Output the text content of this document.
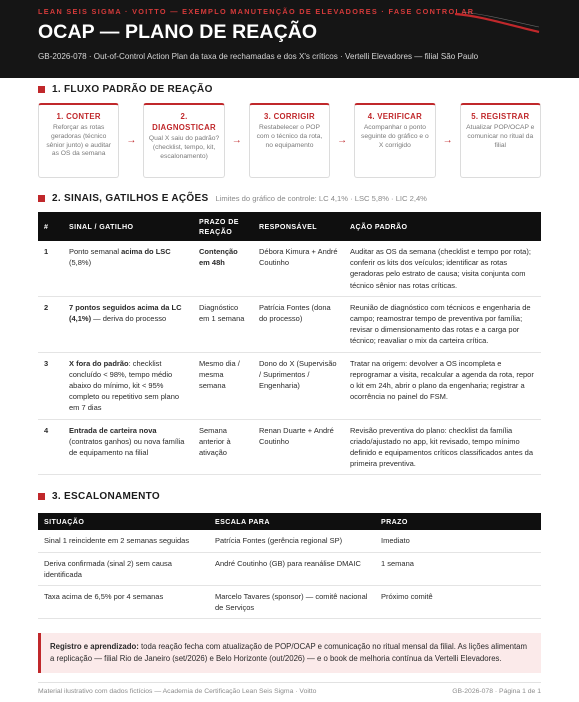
LEAN SEIS SIGMA · VOITTO — EXEMPLO MANUTENÇÃO DE ELEVADORES · FASE CONTROLAR
OCAP — PLANO DE REAÇÃO
GB-2026-078 · Out-of-Control Action Plan da taxa de rechamadas e dos X's críticos · Vertelli Elevadores — filial São Paulo
1. FLUXO PADRÃO DE REAÇÃO
1. CONTER
Reforçar as rotas geradoras (técnico sênior junto) e auditar as OS da semana
→
2. DIAGNOSTICAR
Qual X saiu do padrão? (checklist, tempo, kit, escalonamento)
→
3. CORRIGIR
Restabelecer o POP com o técnico da rota, no equipamento	→
4. VERIFICAR
Acompanhar o ponto seguinte do gráfico e o X corrigido	→
5. REGISTRAR
Atualizar POP/OCAP e comunicar no ritual da filial
2. SINAIS, GATILHOS E AÇÕES Limites do gráfico de controle: LC 4,1% · LSC 5,8% · LIC 2,4%
#	SINAL / GATILHO	PRAZO DE REAÇÃO	RESPONSÁVEL	AÇÃO PADRÃO
1	Ponto semanal acima do LSC (5,8%)	Contenção em 48h	Débora Kimura + André Coutinho	Auditar as OS da semana (checklist e tempo por rota); conferir os kits dos veículos; identificar as rotas geradoras pelo estrato de causa; visita conjunta com técnico sênior nas rotas críticas.
2	7 pontos seguidos acima da LC (4,1%) — deriva do processo	Diagnóstico em 1 semana	Patrícia Fontes (dona do processo)	Reunião de diagnóstico com técnicos e engenharia de campo; reamostrar tempo de preventiva por família; revisar o dimensionamento das rotas e a carga por técnico; reavaliar o mix da carteira crítica.
3	X fora do padrão: checklist concluído < 98%, tempo médio abaixo do mínimo, kit < 95% completo ou repetitivo sem plano em 7 dias	Mesmo dia / mesma semana	Dono do X (Supervisão / Suprimentos / Engenharia)	Tratar na origem: devolver a OS incompleta e reprogramar a visita, recalcular a agenda da rota, repor o kit em 24h, abrir o plano da engenharia; registrar a ocorrência no painel do FSM.
4	Entrada de carteira nova (contratos ganhos) ou nova família de equipamento na filial	Semana anterior à ativação	Renan Duarte + André Coutinho	Revisão preventiva do plano: checklist da família criado/ajustado no app, kit revisado, tempo mínimo definido e equipamentos críticos classificados antes da primeira preventiva.
3. ESCALONAMENTO
SITUAÇÃO	ESCALA PARA	PRAZO
Sinal 1 reincidente em 2 semanas seguidas	Patrícia Fontes (gerência regional SP)	Imediato
Deriva confirmada (sinal 2) sem causa identificada	André Coutinho (GB) para reanálise DMAIC	1 semana
Taxa acima de 6,5% por 4 semanas	Marcelo Tavares (sponsor) — comitê nacional de Serviços	Próximo comitê
Registro e aprendizado: toda reação fecha com atualização de POP/OCAP e comunicação no ritual mensal da filial. As lições alimentam a replicação — filial Rio de Janeiro (set/2026) e Belo Horizonte (out/2026) — e o book de melhoria contínua da Vertelli Elevadores.
Material ilustrativo com dados fictícios — Academia de Certificação Lean Seis Sigma · Voitto	GB-2026-078 · Página 1 de 1
